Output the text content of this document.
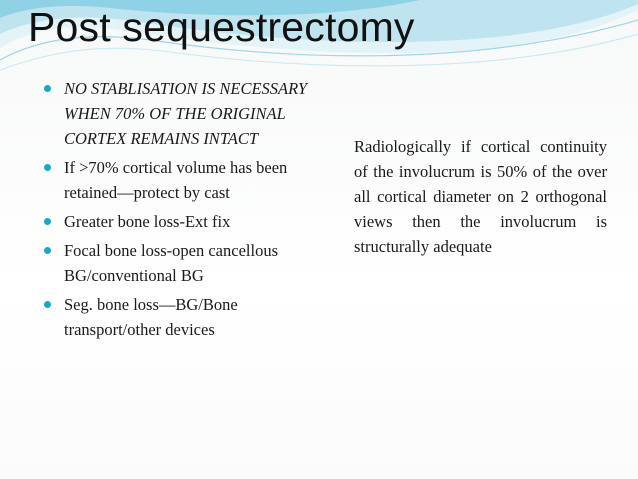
Post sequestrectomy
NO STABLISATION IS NECESSARY WHEN 70% OF THE ORIGINAL CORTEX REMAINS INTACT
If >70% cortical volume has been retained—protect by cast
Greater bone loss-Ext fix
Focal bone loss-open cancellous BG/conventional BG
Seg. bone loss—BG/Bone transport/other devices

Radiologically if cortical continuity of the involucrum is 50% of the over all cortical diameter on 2 orthogonal views then the involucrum is structurally adequate
